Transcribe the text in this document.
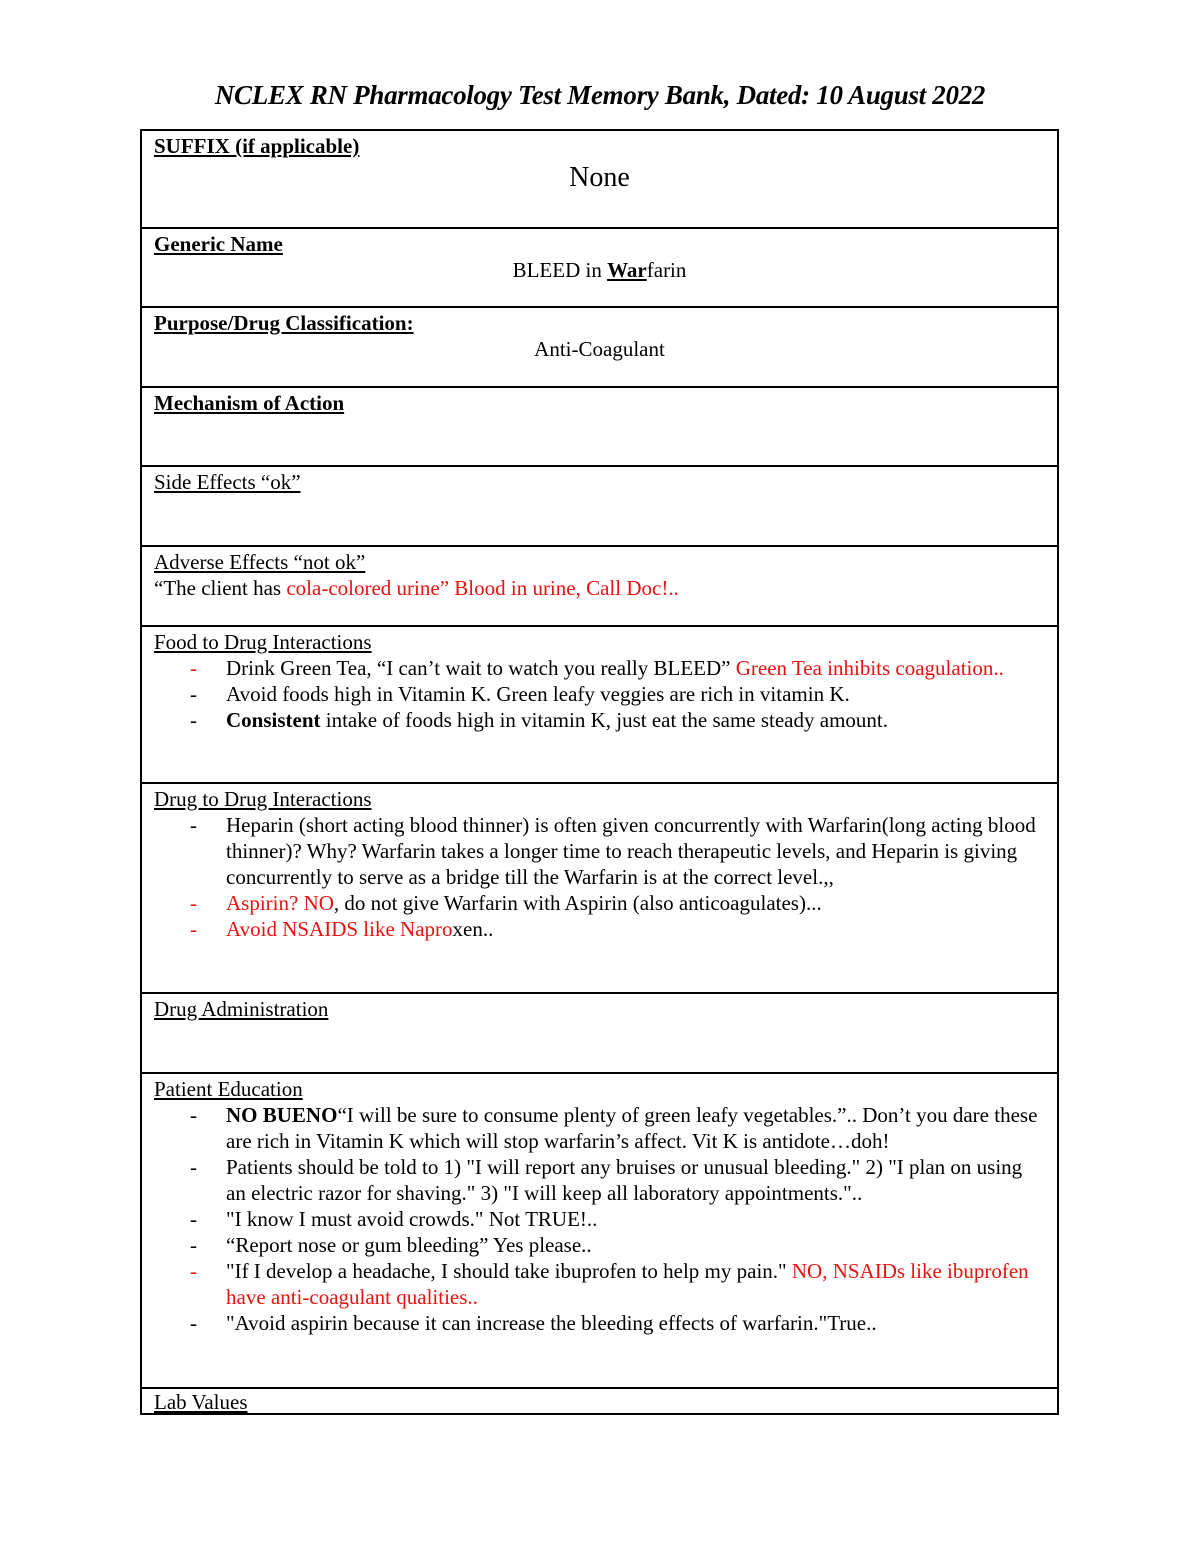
NCLEX RN Pharmacology Test Memory Bank, Dated: 10 August 2022
SUFFIX (if applicable)
None
Generic Name
BLEED in Warfarin
Purpose/Drug Classification:
Anti-Coagulant
Mechanism of Action
Side Effects “ok”
Adverse Effects “not ok”
“The client has cola-colored urine” Blood in urine, Call Doc!..
Food to Drug Interactions
- Drink Green Tea, “I can’t wait to watch you really BLEED” Green Tea inhibits coagulation..
- Avoid foods high in Vitamin K. Green leafy veggies are rich in vitamin K.
- Consistent intake of foods high in vitamin K, just eat the same steady amount.
Drug to Drug Interactions
- Heparin (short acting blood thinner) is often given concurrently with Warfarin(long acting blood thinner)? Why? Warfarin takes a longer time to reach therapeutic levels, and Heparin is giving concurrently to serve as a bridge till the Warfarin is at the correct level.,,
- Aspirin? NO, do not give Warfarin with Aspirin (also anticoagulates)...
- Avoid NSAIDS like Naproxen..
Drug Administration
Patient Education
- NO BUENO“I will be sure to consume plenty of green leafy vegetables.”.. Don’t you dare these are rich in Vitamin K which will stop warfarin’s affect. Vit K is antidote…doh!
- Patients should be told to 1) "I will report any bruises or unusual bleeding." 2) "I plan on using an electric razor for shaving." 3) "I will keep all laboratory appointments."..
- "I know I must avoid crowds." Not TRUE!..
- “Report nose or gum bleeding” Yes please..
- "If I develop a headache, I should take ibuprofen to help my pain." NO, NSAIDs like ibuprofen have anti-coagulant qualities..
- "Avoid aspirin because it can increase the bleeding effects of warfarin."True..
Lab Values
